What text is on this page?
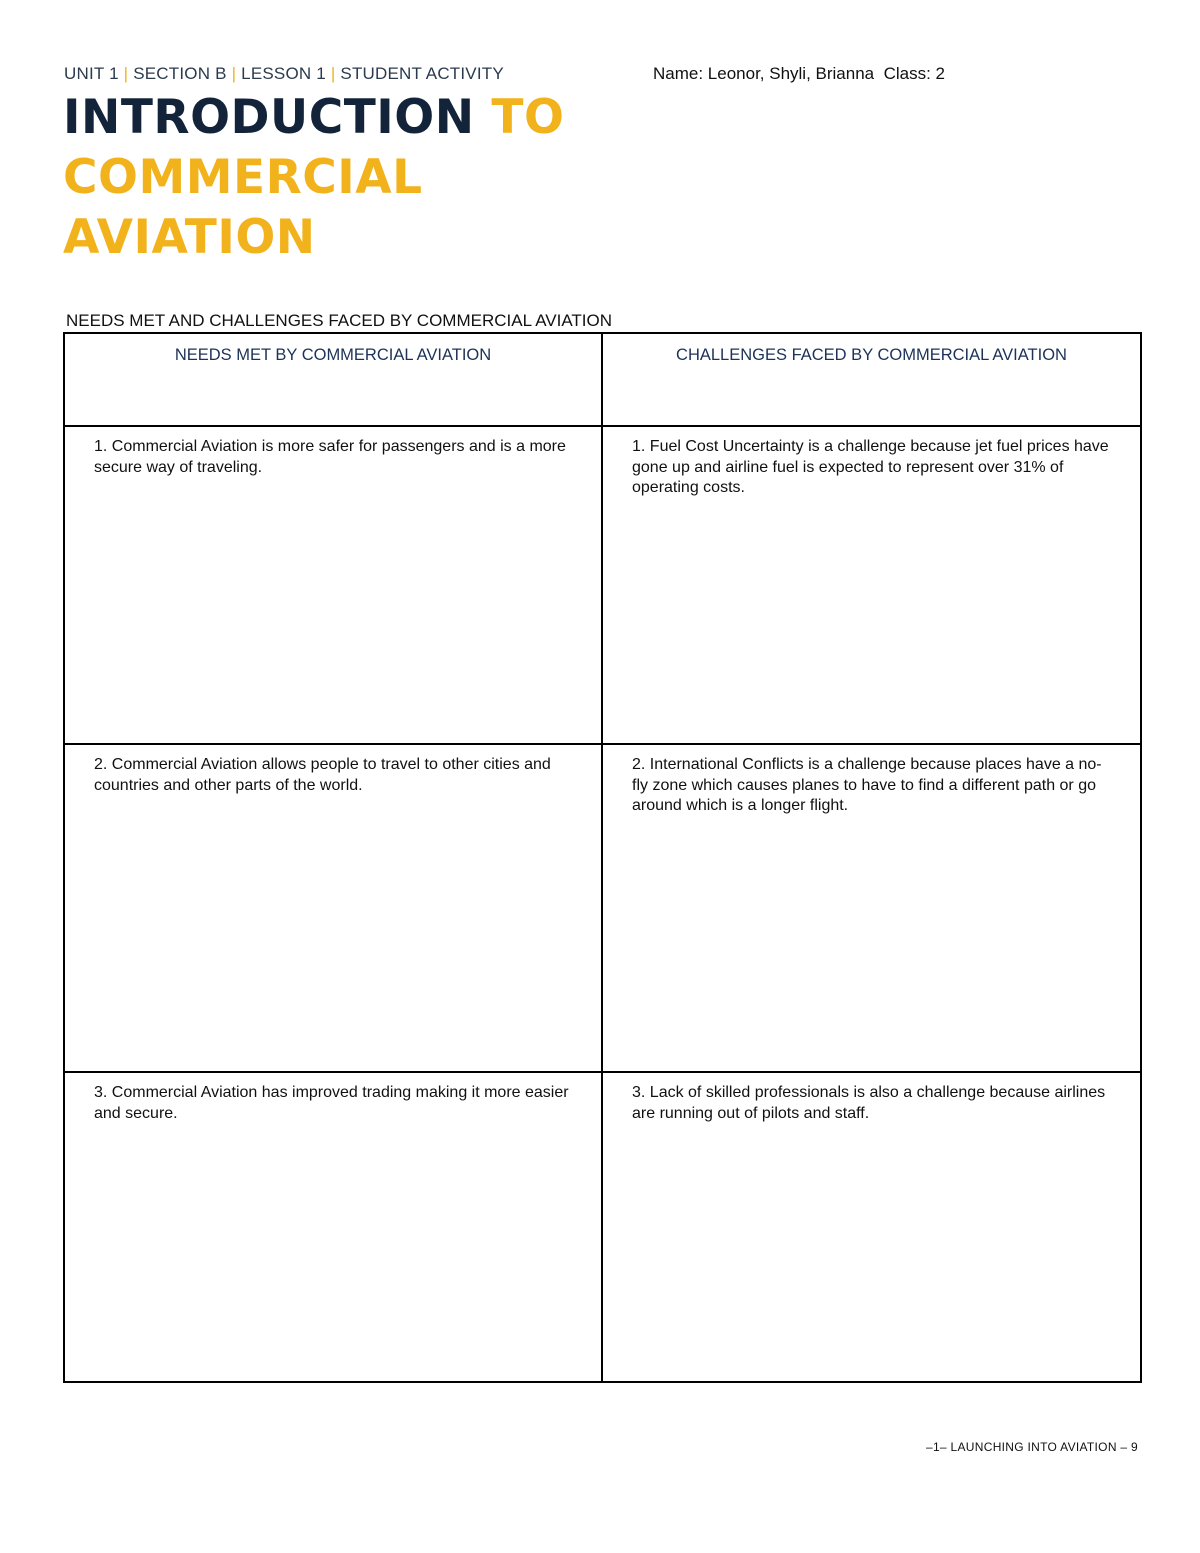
UNIT 1 | SECTION B | LESSON 1 | STUDENT ACTIVITY	Name: Leonor, Shyli, Brianna  Class: 2
INTRODUCTION TO
COMMERCIAL
AVIATION
NEEDS MET AND CHALLENGES FACED BY COMMERCIAL AVIATION
NEEDS MET BY COMMERCIAL AVIATION	CHALLENGES FACED BY COMMERCIAL AVIATION
1. Commercial Aviation is more safer for passengers and is a more secure way of traveling.
1. Fuel Cost Uncertainty is a challenge because jet fuel prices have gone up and airline fuel is expected to represent over 31% of operating costs.
2. Commercial Aviation allows people to travel to other cities and countries and other parts of the world.
2. International Conflicts is a challenge because places have a no-fly zone which causes planes to have to find a different path or go around which is a longer flight.
3. Commercial Aviation has improved trading making it more easier and secure.
3. Lack of skilled professionals is also a challenge because airlines are running out of pilots and staff.
–1– LAUNCHING INTO AVIATION – 9
